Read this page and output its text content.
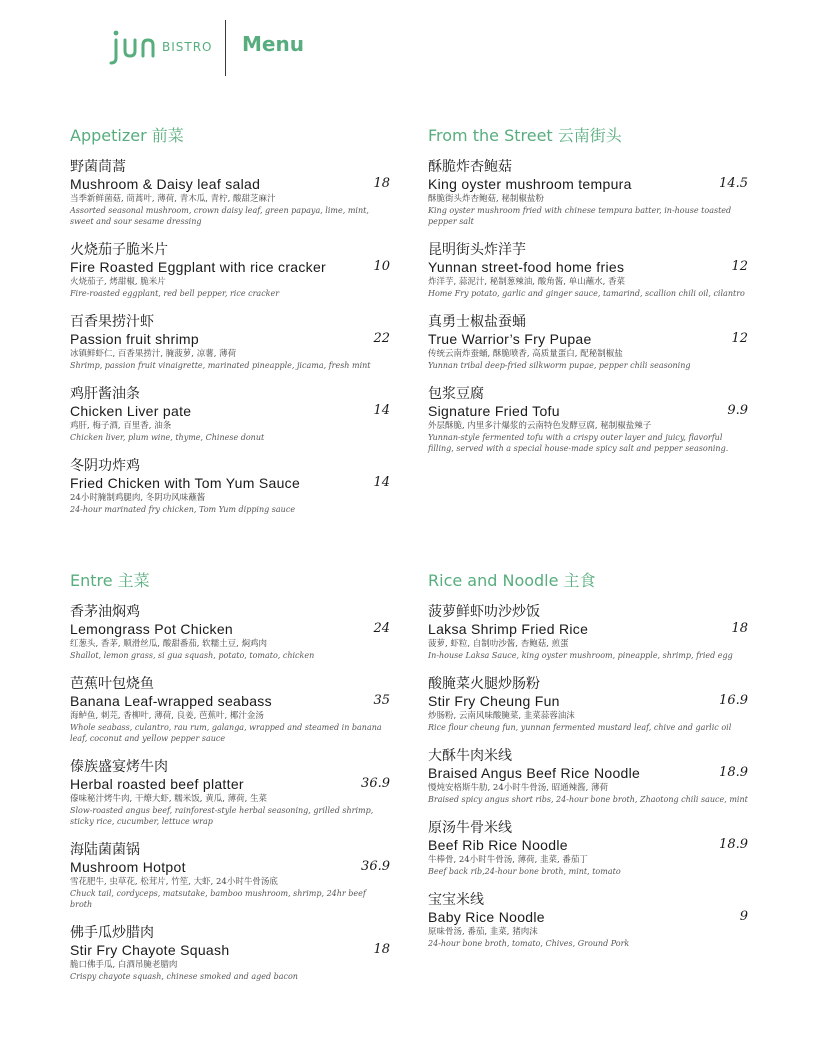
BISTRO Menu
Appetizer 前菜
野菌茼蒿
Mushroom & Daisy leaf salad	18
当季新鲜菌菇, 茼蒿叶, 薄荷, 青木瓜, 青柠, 酸甜芝麻汁
Assorted seasonal mushroom, crown daisy leaf, green papaya, lime, mint, sweet and sour sesame dressing
火烧茄子脆米片
Fire Roasted Eggplant with rice cracker	10
火烧茄子, 烤甜椒, 脆米片
Fire-roasted eggplant, red bell pepper, rice cracker
百香果捞汁虾
Passion fruit shrimp	22
冰镇鲜虾仁, 百香果捞汁, 腌菠萝, 凉薯, 薄荷
Shrimp, passion fruit vinaigrette, marinated pineapple, jicama, fresh mint
鸡肝酱油条
Chicken Liver pate	14
鸡肝, 梅子酒, 百里香, 油条
Chicken liver, plum wine, thyme, Chinese donut
冬阴功炸鸡
Fried Chicken with Tom Yum Sauce	14
24小时腌制鸡腿肉, 冬阴功风味蘸酱
24-hour marinated fry chicken, Tom Yum dipping sauce
From the Street 云南街头
酥脆炸杏鲍菇
King oyster mushroom tempura	14.5
酥脆街头炸杏鲍菇, 秘制椒盐粉
King oyster mushroom fried with chinese tempura batter, in-house toasted pepper salt
昆明街头炸洋芋
Yunnan street-food home fries	12
炸洋芋, 蒜泥汁, 秘制葱辣油, 酸角酱, 单山蘸水, 香菜
Home Fry potato, garlic and ginger sauce, tamarind, scallion chili oil, cilantro
真勇士椒盐蚕蛹
True Warrior’s Fry Pupae	12
传统云南炸蚕蛹, 酥脆喷香, 高质量蛋白, 配秘制椒盐
Yunnan tribal deep-fried silkworm pupae, pepper chili seasoning
包浆豆腐
Signature Fried Tofu	9.9
外层酥脆, 内里多汁爆浆的云南特色发酵豆腐, 秘制椒盐辣子
Yunnan-style fermented tofu with a crispy outer layer and juicy, flavorful filling, served with a special house-made spicy salt and pepper seasoning.
Entre 主菜
香茅油焖鸡
Lemongrass Pot Chicken	24
红葱头, 香茅, 顺滑丝瓜, 酸甜番茄, 软糯土豆, 焖鸡肉
Shallot, lemon grass, si gua squash, potato, tomato, chicken
芭蕉叶包烧鱼
Banana Leaf-wrapped seabass	35
海鲈鱼, 刺芫, 香柳叶, 薄荷, 良姜, 芭蕉叶, 椰汁金汤
Whole seabass, culantro, rau rum, galanga, wrapped and steamed in banana leaf, coconut and yellow pepper sauce
傣族盛宴烤牛肉
Herbal roasted beef platter	36.9
傣味秘汁烤牛肉, 干燎大虾, 糯米饭, 黄瓜, 薄荷, 生菜
Slow-roasted angus beef, rainforest-style herbal seasoning, grilled shrimp, sticky rice, cucumber, lettuce wrap
海陆菌菌锅
Mushroom Hotpot	36.9
雪花肥牛, 虫草花, 松茸片, 竹笙, 大虾, 24小时牛骨汤底
Chuck tail, cordyceps, matsutake, bamboo mushroom, shrimp, 24hr beef broth
佛手瓜炒腊肉
Stir Fry Chayote Squash	18
脆口佛手瓜, 白酒吊腌老腊肉
Crispy chayote squash, chinese smoked and aged bacon
Rice and Noodle 主食
菠萝鲜虾叻沙炒饭
Laksa Shrimp Fried Rice	18
菠萝, 虾粒, 自制叻沙酱, 杏鲍菇, 煎蛋
In-house Laksa Sauce, king oyster mushroom, pineapple, shrimp, fried egg
酸腌菜火腿炒肠粉
Stir Fry Cheung Fun	16.9
炒肠粉, 云南风味酸腌菜, 韭菜蒜蓉油沫
Rice flour cheung fun, yunnan fermented mustard leaf, chive and garlic oil
大酥牛肉米线
Braised Angus Beef Rice Noodle	18.9
慢炖安格斯牛肋, 24小时牛骨汤, 昭通辣酱, 薄荷
Braised spicy angus short ribs, 24-hour bone broth, Zhaotong chili sauce, mint
原汤牛骨米线
Beef Rib Rice Noodle	18.9
牛棒骨, 24小时牛骨汤, 薄荷, 韭菜, 番茄丁
Beef back rib,24-hour bone broth, mint, tomato
宝宝米线
Baby Rice Noodle	9
原味骨汤, 番茄, 韭菜, 猪肉沫
24-hour bone broth, tomato, Chives, Ground Pork
